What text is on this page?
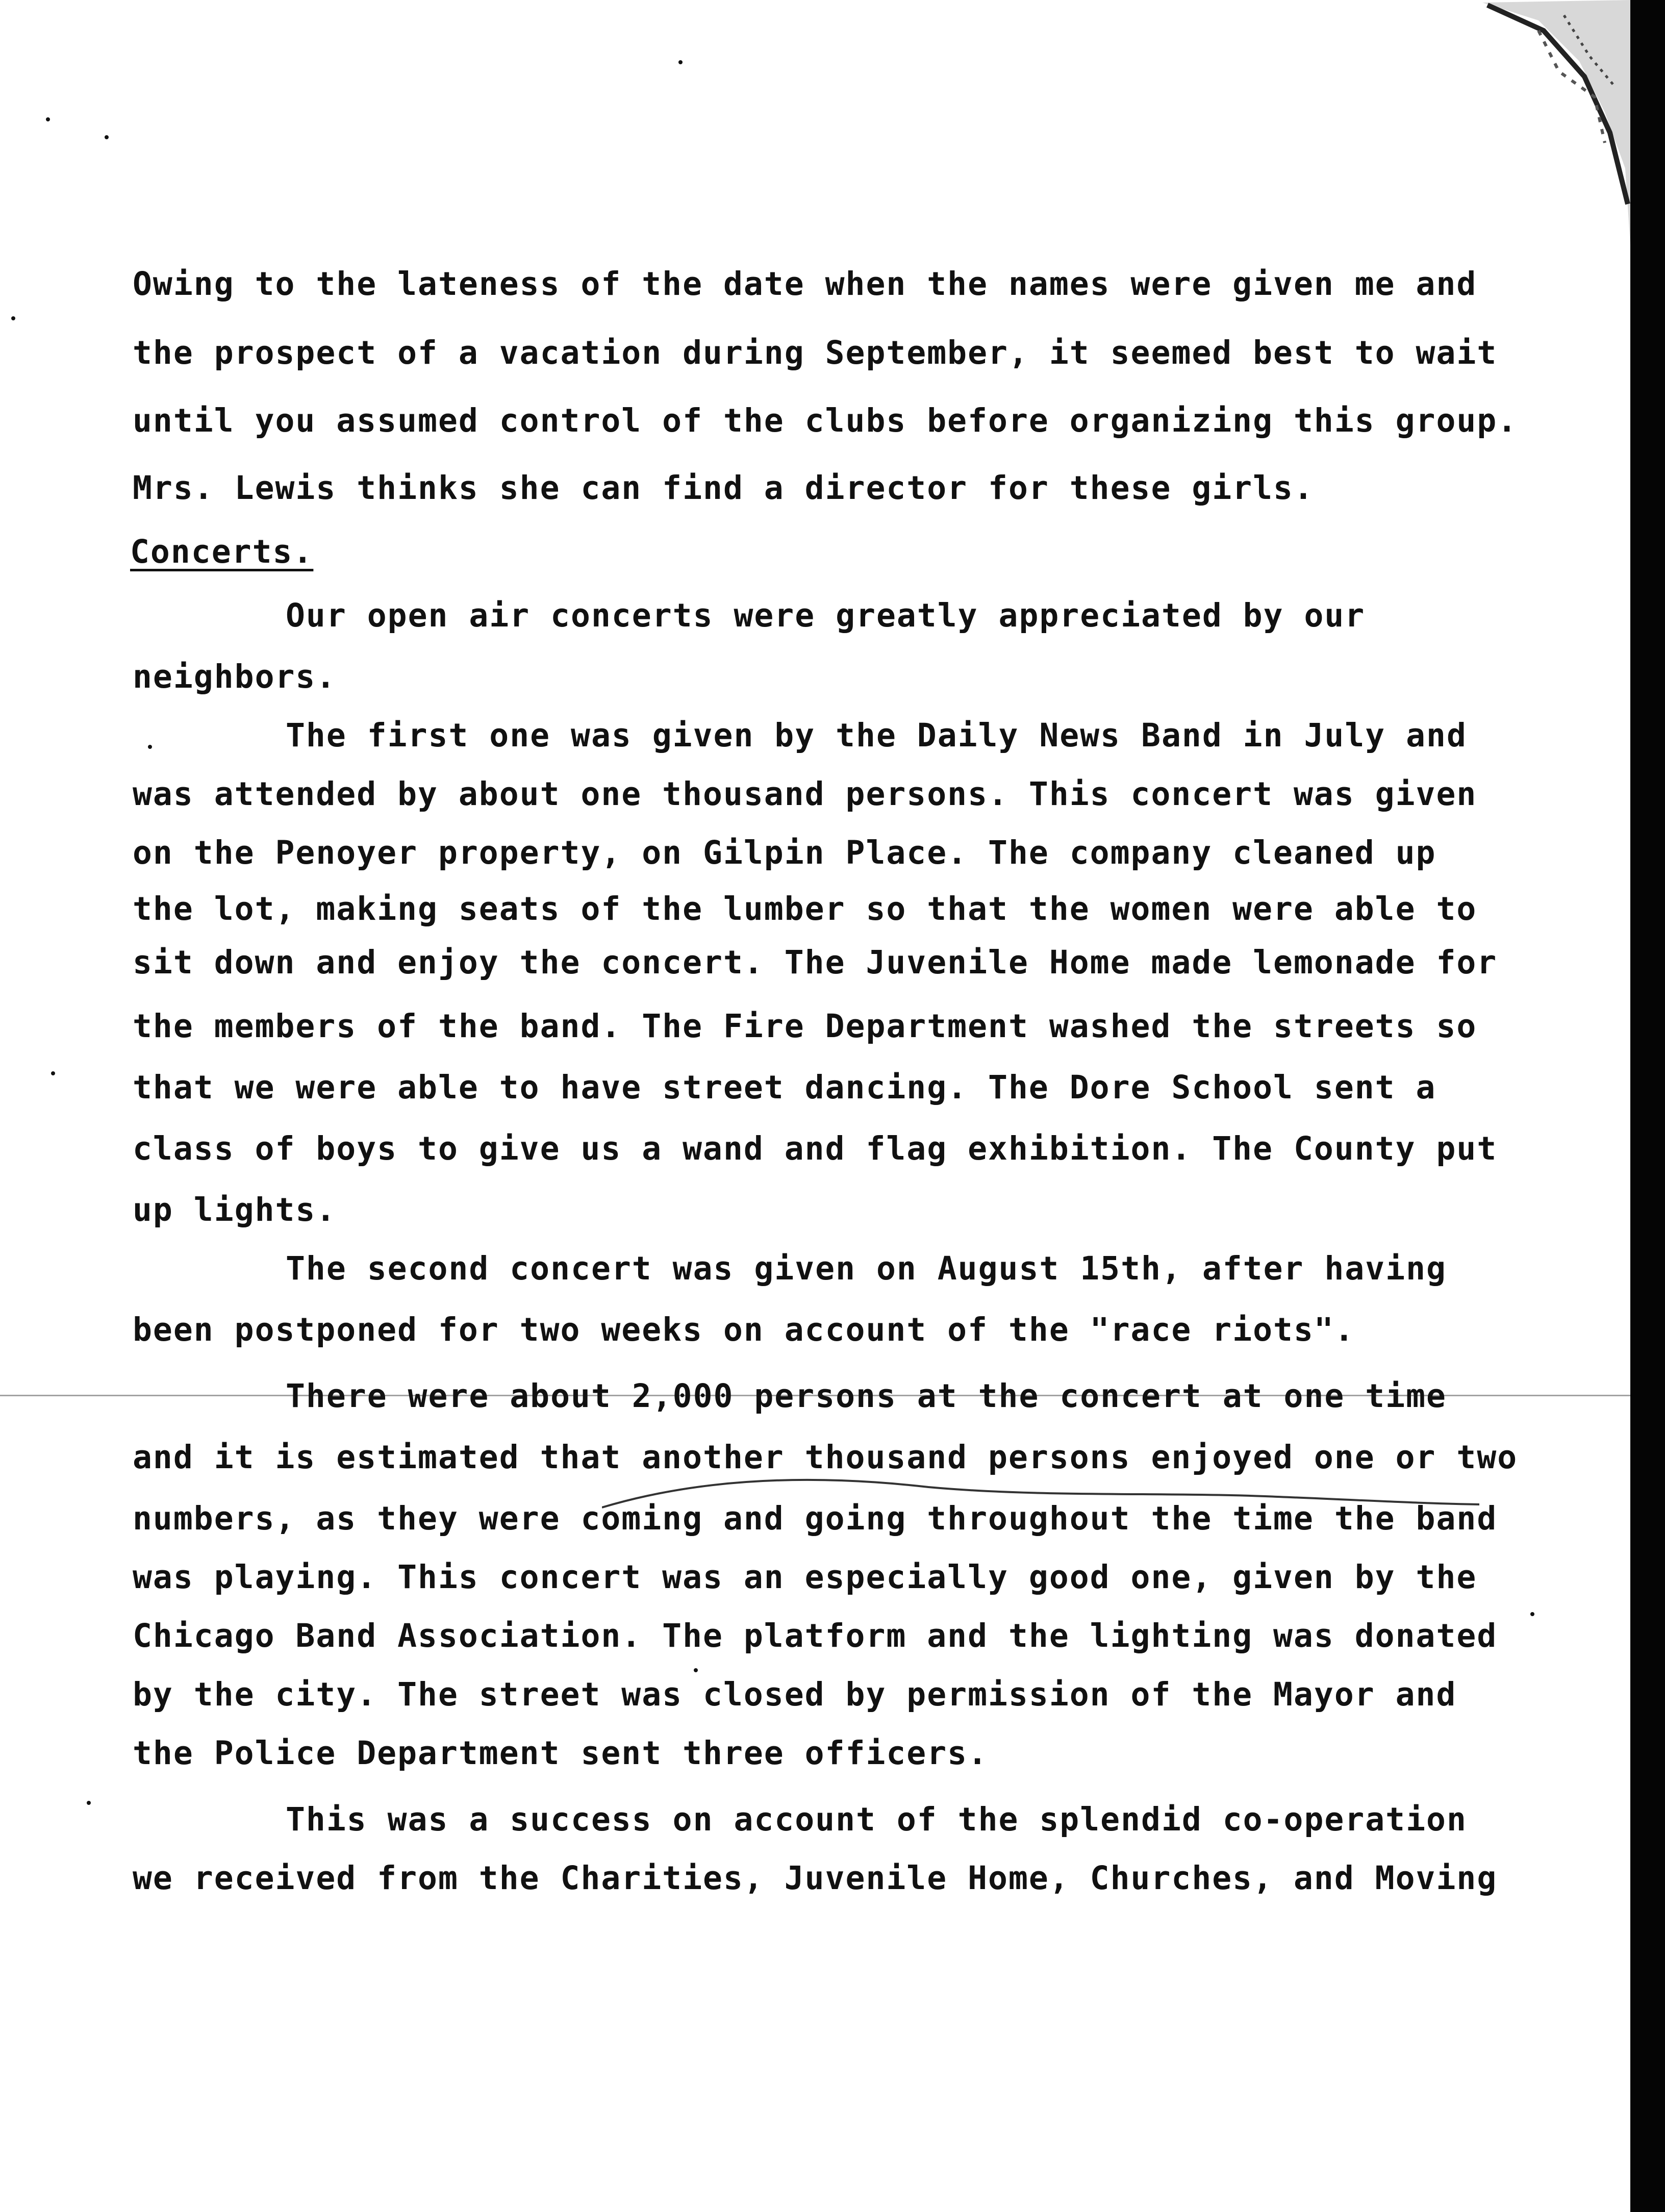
Owing to the lateness of the date when the names were given me and
the prospect of a vacation during September, it seemed best to wait
until you assumed control of the clubs before organizing this group.
Mrs. Lewis thinks she can find a director for these girls.
Concerts.
Our open air concerts were greatly appreciated by our
neighbors.
The first one was given by the Daily News Band in July and
was attended by about one thousand persons. This concert was given
on the Penoyer property, on Gilpin Place. The company cleaned up
the lot, making seats of the lumber so that the women were able to
sit down and enjoy the concert. The Juvenile Home made lemonade for
the members of the band. The Fire Department washed the streets so
that we were able to have street dancing. The Dore School sent a
class of boys to give us a wand and flag exhibition. The County put
up lights.
The second concert was given on August 15th, after having
been postponed for two weeks on account of the "race riots".
There were about 2,000 persons at the concert at one time
and it is estimated that another thousand persons enjoyed one or two
numbers, as they were coming and going throughout the time the band
was playing. This concert was an especially good one, given by the
Chicago Band Association. The platform and the lighting was donated
by the city. The street was closed by permission of the Mayor and
the Police Department sent three officers.
This was a success on account of the splendid co-operation
we received from the Charities, Juvenile Home, Churches, and Moving
